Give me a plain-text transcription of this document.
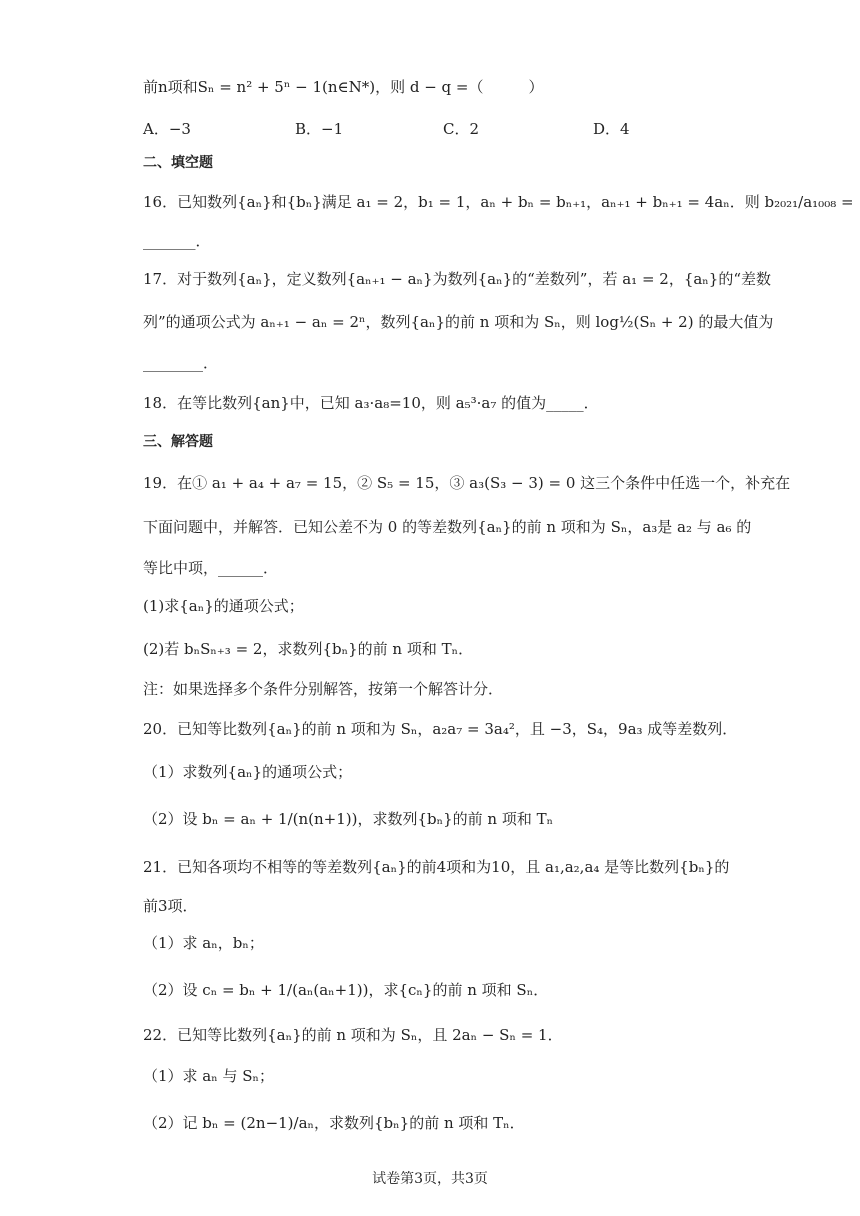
前n项和Sₙ = n² + 5ⁿ − 1(n∈N*)，则 d − q =（　　　）
A．−3	B．−1	C．2	D．4
二、填空题
16．已知数列{aₙ}和{bₙ}满足 a₁ = 2，b₁ = 1，aₙ + bₙ = bₙ₊₁，aₙ₊₁ + bₙ₊₁ = 4aₙ．则 b₂₀₂₁/a₁₀₀₈ =
_______．
17．对于数列{aₙ}，定义数列{aₙ₊₁ − aₙ}为数列{aₙ}的“差数列”，若 a₁ = 2，{aₙ}的“差数
列”的通项公式为 aₙ₊₁ − aₙ = 2ⁿ，数列{aₙ}的前 n 项和为 Sₙ，则 log½(Sₙ + 2) 的最大值为
________．
18．在等比数列{an}中，已知 a₃·a₈=10，则 a₅³·a₇ 的值为_____．
三、解答题
19．在① a₁ + a₄ + a₇ = 15，② S₅ = 15，③ a₃(S₃ − 3) = 0 这三个条件中任选一个，补充在
下面问题中，并解答．已知公差不为 0 的等差数列{aₙ}的前 n 项和为 Sₙ，a₃是 a₂ 与 a₆ 的
等比中项，______．
(1)求{aₙ}的通项公式；
(2)若 bₙSₙ₊₃ = 2，求数列{bₙ}的前 n 项和 Tₙ．
注：如果选择多个条件分别解答，按第一个解答计分．
20．已知等比数列{aₙ}的前 n 项和为 Sₙ，a₂a₇ = 3a₄²，且 −3，S₄，9a₃ 成等差数列．
（1）求数列{aₙ}的通项公式；
（2）设 bₙ = aₙ + 1/(n(n+1))，求数列{bₙ}的前 n 项和 Tₙ
21．已知各项均不相等的等差数列{aₙ}的前4项和为10，且 a₁,a₂,a₄ 是等比数列{bₙ}的
前3项．
（1）求 aₙ，bₙ；
（2）设 cₙ = bₙ + 1/(aₙ(aₙ+1))，求{cₙ}的前 n 项和 Sₙ．
22．已知等比数列{aₙ}的前 n 项和为 Sₙ，且 2aₙ − Sₙ = 1．
（1）求 aₙ 与 Sₙ；
（2）记 bₙ = (2n−1)/aₙ，求数列{bₙ}的前 n 项和 Tₙ．
试卷第3页，共3页
